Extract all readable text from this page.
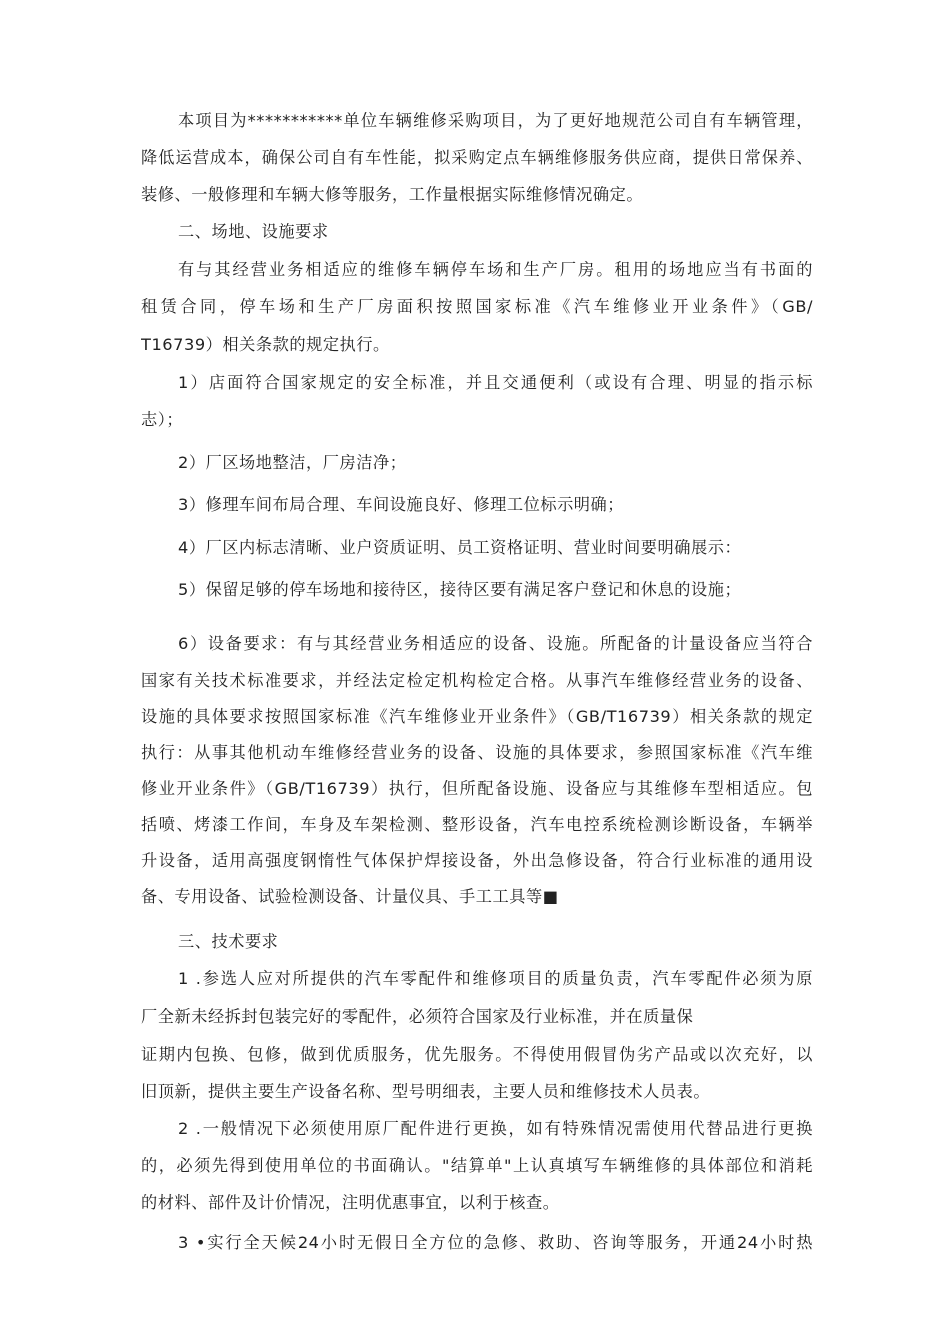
本项目为***********单位车辆维修采购项目，为了更好地规范公司自有车辆管理，
降低运营成本，确保公司自有车性能，拟采购定点车辆维修服务供应商，提供日常保养、
装修、一般修理和车辆大修等服务，工作量根据实际维修情况确定。
二、场地、设施要求
有与其经营业务相适应的维修车辆停车场和生产厂房。租用的场地应当有书面的
租赁合同，停车场和生产厂房面积按照国家标准《汽车维修业开业条件》（GB/
T16739）相关条款的规定执行。
1）店面符合国家规定的安全标准，并且交通便利（或设有合理、明显的指示标
志）；
2）厂区场地整洁，厂房洁净；
3）修理车间布局合理、车间设施良好、修理工位标示明确；
4）厂区内标志清晰、业户资质证明、员工资格证明、营业时间要明确展示：
5）保留足够的停车场地和接待区，接待区要有满足客户登记和休息的设施；
6）设备要求：有与其经营业务相适应的设备、设施。所配备的计量设备应当符合
国家有关技术标准要求，并经法定检定机构检定合格。从事汽车维修经营业务的设备、
设施的具体要求按照国家标准《汽车维修业开业条件》（GB/T16739）相关条款的规定
执行：从事其他机动车维修经营业务的设备、设施的具体要求，参照国家标准《汽车维
修业开业条件》（GB/T16739）执行，但所配备设施、设备应与其维修车型相适应。包
括喷、烤漆工作间，车身及车架检测、整形设备，汽车电控系统检测诊断设备，车辆举
升设备，适用高强度钢惰性气体保护焊接设备，外出急修设备，符合行业标准的通用设
备、专用设备、试验检测设备、计量仪具、手工工具等■
三、技术要求
1 .参选人应对所提供的汽车零配件和维修项目的质量负责，汽车零配件必须为原
厂全新未经拆封包装完好的零配件，必须符合国家及行业标准，并在质量保
证期内包换、包修，做到优质服务，优先服务。不得使用假冒伪劣产品或以次充好，以
旧顶新，提供主要生产设备名称、型号明细表，主要人员和维修技术人员表。
2 .一般情况下必须使用原厂配件进行更换，如有特殊情况需使用代替品进行更换
的，必须先得到使用单位的书面确认。"结算单"上认真填写车辆维修的具体部位和消耗
的材料、部件及计价情况，注明优惠事宜，以利于核查。
3 •实行全天候24小时无假日全方位的急修、救助、咨询等服务，开通24小时热
